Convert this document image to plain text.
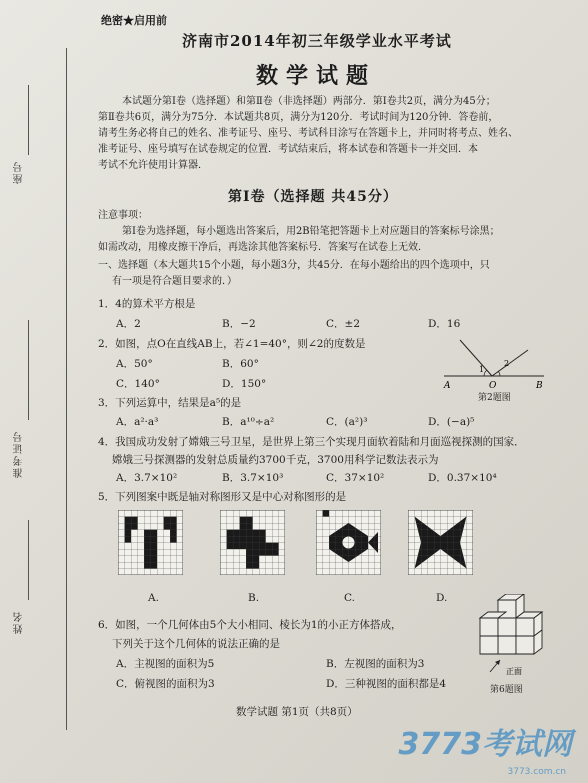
座号
准考证号
姓名
绝密★启用前
济南市2014年初三年级学业水平考试
数学试题
本试题分第Ⅰ卷（选择题）和第Ⅱ卷（非选择题）两部分．第Ⅰ卷共2页，满分为45分；
第Ⅱ卷共6页，满分为75分．本试题共8页，满分为120分．考试时间为120分钟．答卷前，
请考生务必将自己的姓名、准考证号、座号、考试科目涂写在答题卡上，并同时将考点、姓名、
准考证号、座号填写在试卷规定的位置．考试结束后，将本试卷和答题卡一并交回．本
考试不允许使用计算器．
第Ⅰ卷（选择题 共45分）
注意事项：
第Ⅰ卷为选择题，每小题选出答案后，用2B铅笔把答题卡上对应题目的答案标号涂黑；
如需改动，用橡皮擦干净后，再选涂其他答案标号．答案写在试卷上无效．
一、选择题（本大题共15个小题，每小题3分，共45分．在每小题给出的四个选项中，只
有一项是符合题目要求的．）
1．4的算术平方根是
A．2	B．−2	C．±2	D．16
2．如图，点O在直线AB上，若∠1=40°，则∠2的度数是
A．50°	B．60°
C．140°	D．150°	A	O	B
1
2
第2题图
3．下列运算中，结果是a⁵的是
A．a²·a³	B．a¹⁰÷a²	C．(a²)³	D．(−a)⁵
4．我国成功发射了嫦娥三号卫星，是世界上第三个实现月面软着陆和月面巡视探测的国家．
嫦娥三号探测器的发射总质量约3700千克，3700用科学记数法表示为
A．3.7×10²	B．3.7×10³	C．37×10²	D．0.37×10⁴
5．下列图案中既是轴对称图形又是中心对称图形的是
A.	B.	C.	D.
6．如图，一个几何体由5个大小相同、棱长为1的小正方体搭成，
下列关于这个几何体的说法正确的是
A．主视图的面积为5	B．左视图的面积为3
C．俯视图的面积为3	D．三种视图的面积都是4
正面
第6题图
数学试题 第1页（共8页）
3773考试网
3773.com.cn
